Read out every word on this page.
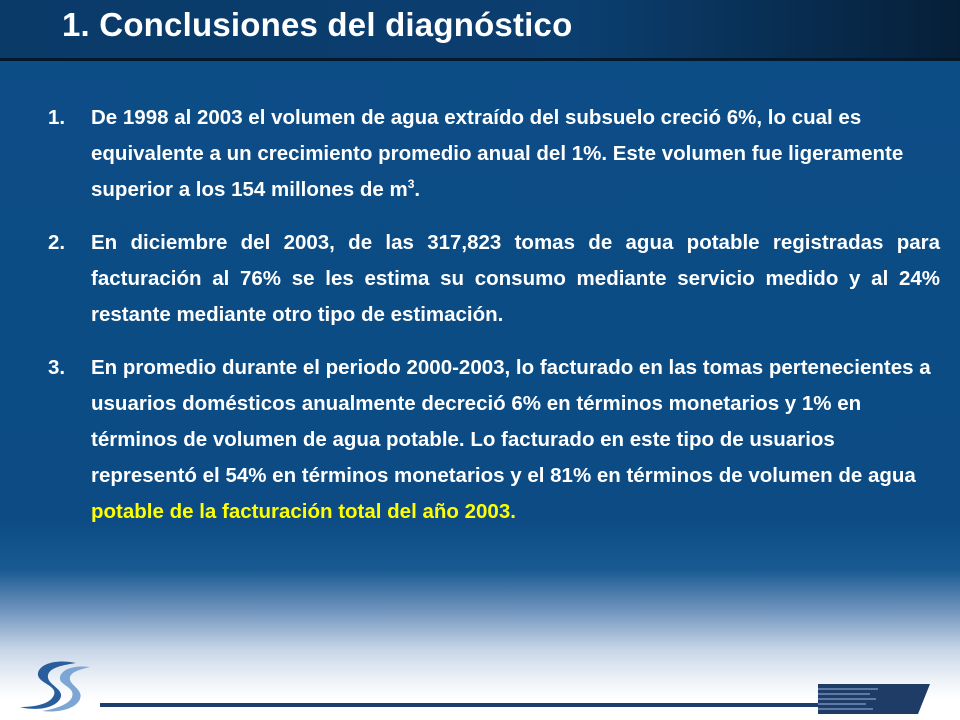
1. Conclusiones del diagnóstico
1. De 1998 al 2003 el volumen de agua extraído del subsuelo creció 6%, lo cual es equivalente a un crecimiento promedio anual del 1%. Este volumen fue ligeramente superior a los 154 millones de $m^3$.
2. En diciembre del 2003, de las 317,823 tomas de agua potable registradas para facturación al 76% se les estima su consumo mediante servicio medido y al 24% restante mediante otro tipo de estimación.
3. En promedio durante el periodo 2000-2003, lo facturado en las tomas pertenecientes a usuarios domésticos anualmente decreció 6% en términos monetarios y 1% en términos de volumen de agua potable. Lo facturado en este tipo de usuarios representó el 54% en términos monetarios y el 81% en términos de volumen de agua potable de la facturación total del año 2003.
